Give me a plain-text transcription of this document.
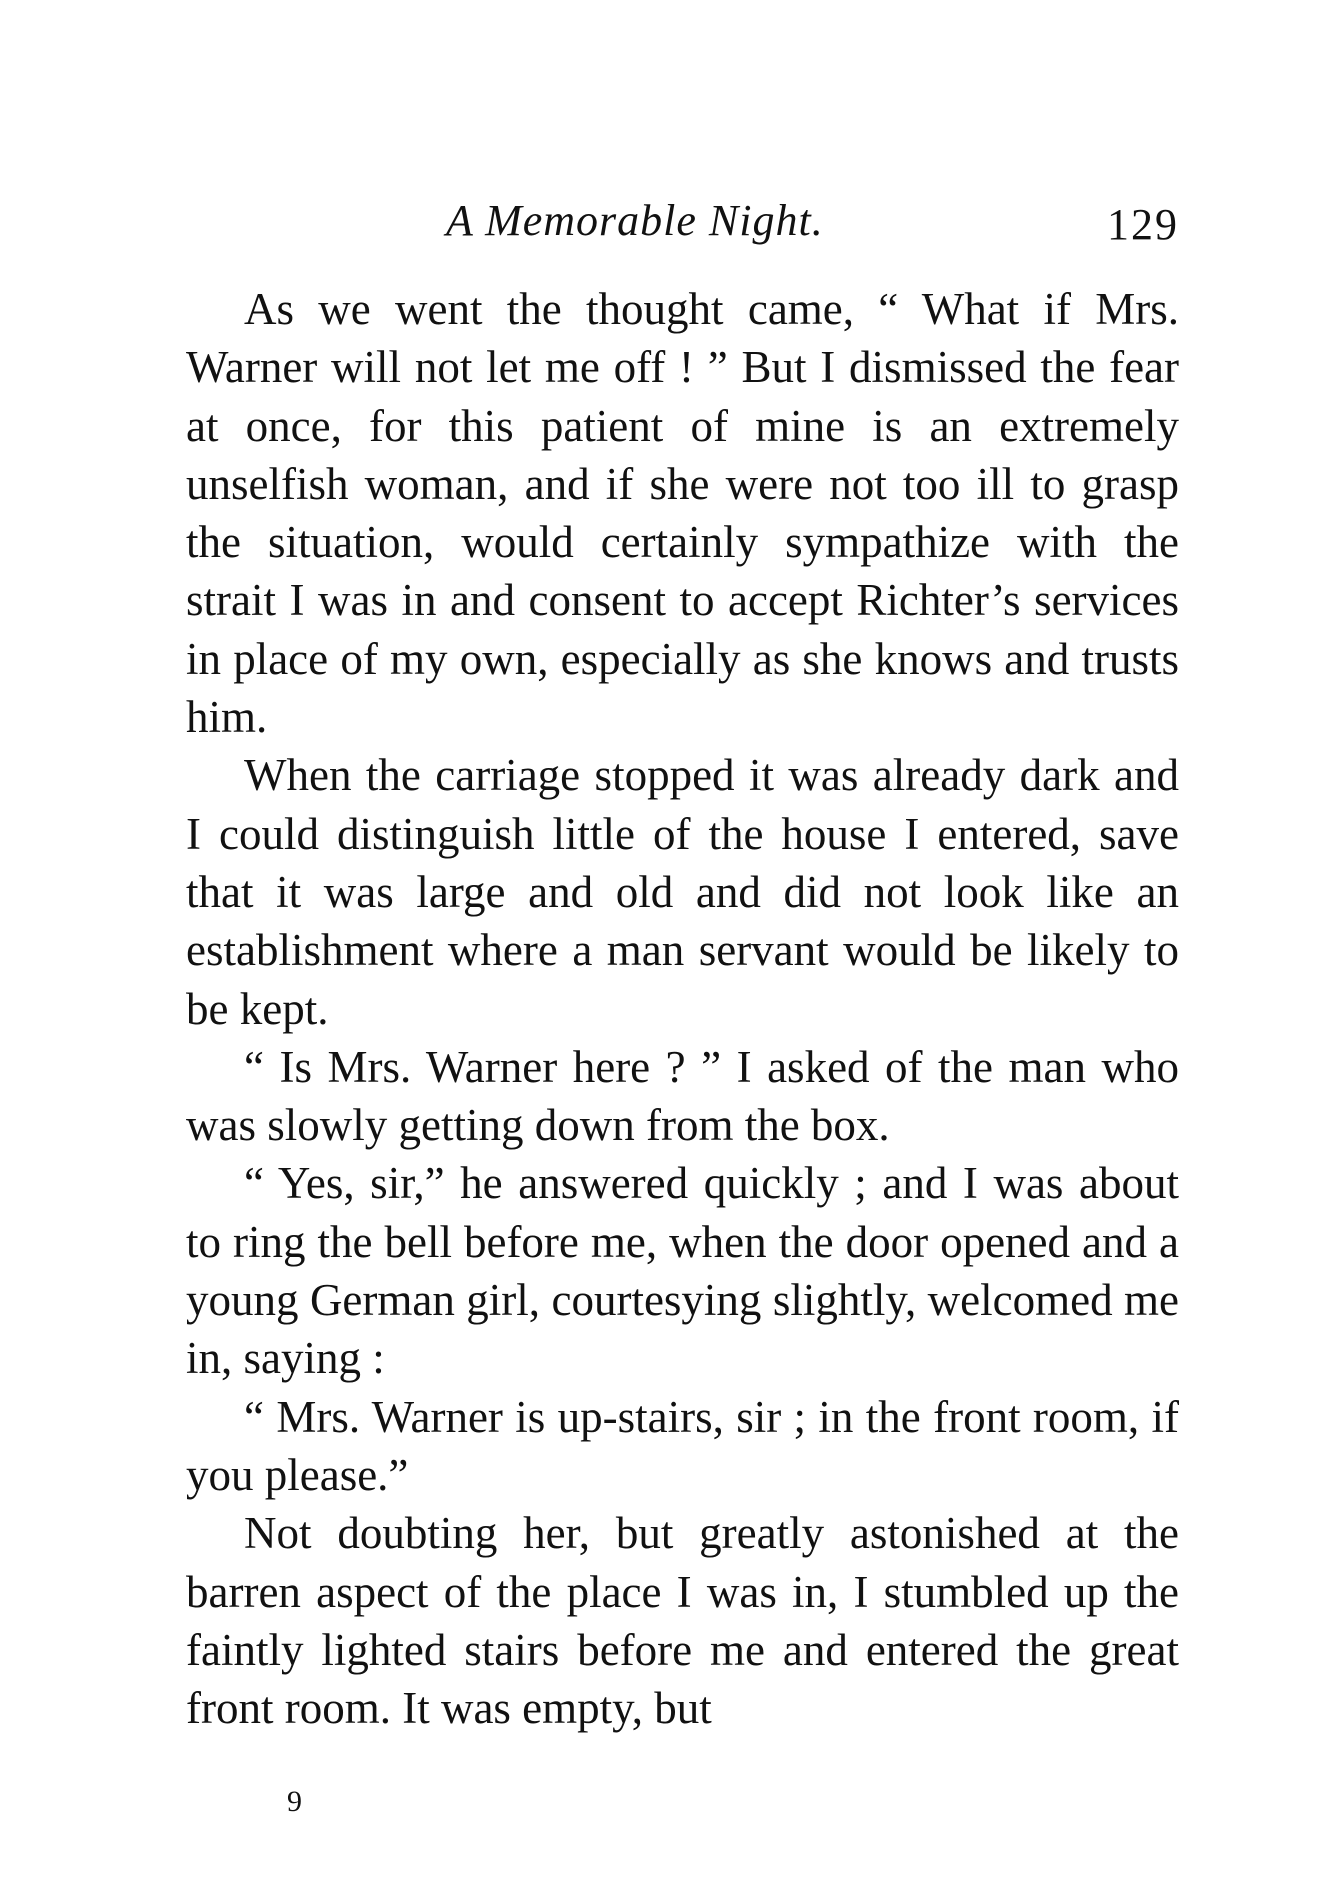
A Memorable Night.	129

As we went the thought came, “ What if Mrs. Warner will not let me off ! ” But I dismissed the fear at once, for this patient of mine is an extremely unselfish woman, and if she were not too ill to grasp the situation, would certainly sympathize with the strait I was in and consent to accept Richter’s services in place of my own, especially as she knows and trusts him.

When the carriage stopped it was already dark and I could distinguish little of the house I entered, save that it was large and old and did not look like an establishment where a man servant would be likely to be kept.

“ Is Mrs. Warner here ? ” I asked of the man who was slowly getting down from the box.

“ Yes, sir,” he answered quickly ; and I was about to ring the bell before me, when the door opened and a young German girl, courtesying slightly, welcomed me in, saying :

“ Mrs. Warner is up-stairs, sir ; in the front room, if you please.”

Not doubting her, but greatly astonished at the barren aspect of the place I was in, I stumbled up the faintly lighted stairs before me and entered the great front room. It was empty, but

9
